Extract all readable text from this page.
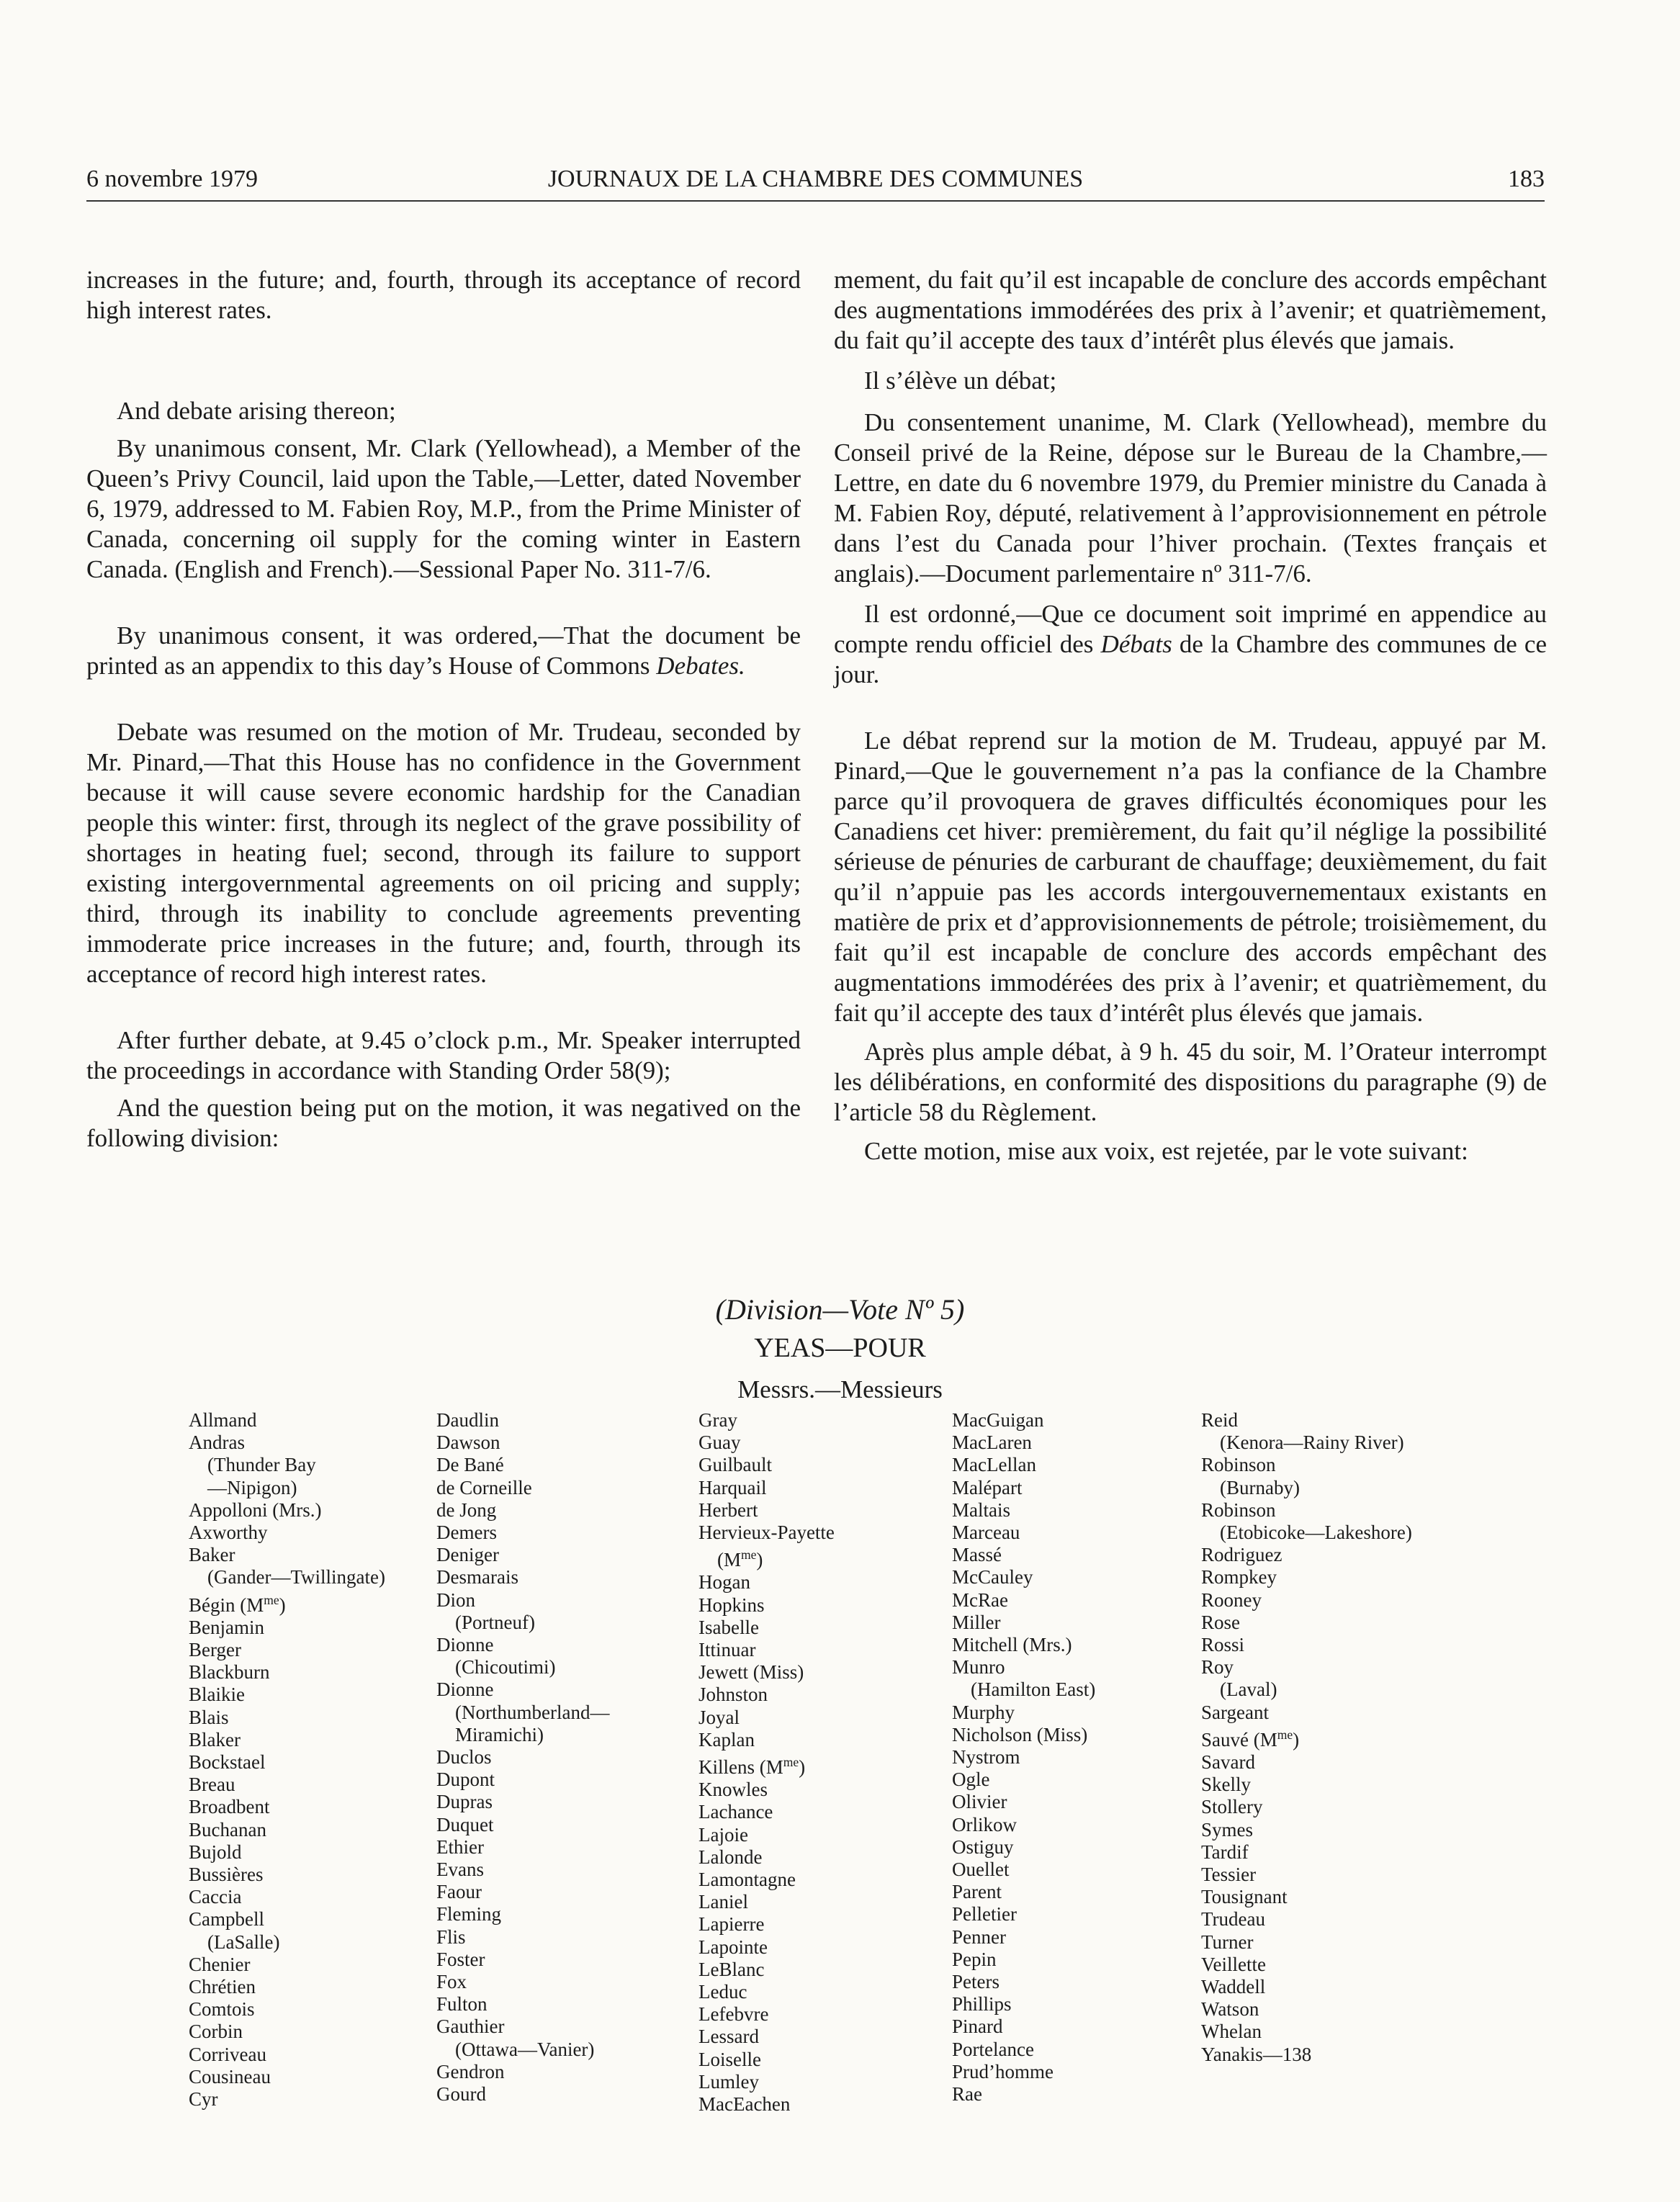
6 novembre 1979	JOURNAUX DE LA CHAMBRE DES COMMUNES	183

increases in the future; and, fourth, through its acceptance of record high interest rates.

And debate arising thereon;

By unanimous consent, Mr. Clark (Yellowhead), a Member of the Queen’s Privy Council, laid upon the Table,—Letter, dated November 6, 1979, addressed to M. Fabien Roy, M.P., from the Prime Minister of Canada, concerning oil supply for the coming winter in Eastern Canada. (English and French).—Sessional Paper No. 311-7/6.

By unanimous consent, it was ordered,—That the document be printed as an appendix to this day’s House of Commons Debates.

Debate was resumed on the motion of Mr. Trudeau, seconded by Mr. Pinard,—That this House has no confidence in the Government because it will cause severe economic hardship for the Canadian people this winter: first, through its neglect of the grave possibility of shortages in heating fuel; second, through its failure to support existing intergovernmental agreements on oil pricing and supply; third, through its inability to conclude agreements preventing immoderate price increases in the future; and, fourth, through its acceptance of record high interest rates.

After further debate, at 9.45 o’clock p.m., Mr. Speaker interrupted the proceedings in accordance with Standing Order 58(9);

And the question being put on the motion, it was negatived on the following division:

mement, du fait qu’il est incapable de conclure des accords empêchant des augmentations immodérées des prix à l’avenir; et quatrièmement, du fait qu’il accepte des taux d’intérêt plus élevés que jamais.

Il s’élève un débat;

Du consentement unanime, M. Clark (Yellowhead), membre du Conseil privé de la Reine, dépose sur le Bureau de la Chambre,—Lettre, en date du 6 novembre 1979, du Premier ministre du Canada à M. Fabien Roy, député, relativement à l’approvisionnement en pétrole dans l’est du Canada pour l’hiver prochain. (Textes français et anglais).—Document parlementaire nº 311-7/6.

Il est ordonné,—Que ce document soit imprimé en appendice au compte rendu officiel des Débats de la Chambre des communes de ce jour.

Le débat reprend sur la motion de M. Trudeau, appuyé par M. Pinard,—Que le gouvernement n’a pas la confiance de la Chambre parce qu’il provoquera de graves difficultés économiques pour les Canadiens cet hiver: premièrement, du fait qu’il néglige la possibilité sérieuse de pénuries de carburant de chauffage; deuxièmement, du fait qu’il n’appuie pas les accords intergouvernementaux existants en matière de prix et d’approvisionnements de pétrole; troisièmement, du fait qu’il est incapable de conclure des accords empêchant des augmentations immodérées des prix à l’avenir; et quatrièmement, du fait qu’il accepte des taux d’intérêt plus élevés que jamais.

Après plus ample débat, à 9 h. 45 du soir, M. l’Orateur interrompt les délibérations, en conformité des dispositions du paragraphe (9) de l’article 58 du Règlement.

Cette motion, mise aux voix, est rejetée, par le vote suivant:

(Division—Vote Nº 5)
YEAS—POUR
Messrs.—Messieurs
Allmand
Andras
(Thunder Bay
—Nipigon)
Appolloni (Mrs.)
Axworthy
Baker
(Gander—Twillingate)
Bégin $(M^{me})$
Benjamin
Berger
Blackburn
Blaikie
Blais
Blaker
Bockstael
Breau
Broadbent
Buchanan
Bujold
Bussières
Caccia
Campbell
(LaSalle)
Chenier
Chrétien
Comtois
Corbin
Corriveau
Cousineau
Cyr
Daudlin
Dawson
De Bané
de Corneille
de Jong
Demers
Deniger
Desmarais
Dion
(Portneuf)
Dionne
(Chicoutimi)
Dionne
(Northumberland—
Miramichi)
Duclos
Dupont
Dupras
Duquet
Ethier
Evans
Faour
Fleming
Flis
Foster
Fox
Fulton
Gauthier
(Ottawa—Vanier)
Gendron
Gourd
Gray
Guay
Guilbault
Harquail
Herbert
Hervieux-Payette
$(M^{me})$
Hogan
Hopkins
Isabelle
Ittinuar
Jewett (Miss)
Johnston
Joyal
Kaplan
Killens $(M^{me})$
Knowles
Lachance
Lajoie
Lalonde
Lamontagne
Laniel
Lapierre
Lapointe
LeBlanc
Leduc
Lefebvre
Lessard
Loiselle
Lumley
MacEachen
MacGuigan
MacLaren
MacLellan
Malépart
Maltais
Marceau
Massé
McCauley
McRae
Miller
Mitchell (Mrs.)
Munro
(Hamilton East)
Murphy
Nicholson (Miss)
Nystrom
Ogle
Olivier
Orlikow
Ostiguy
Ouellet
Parent
Pelletier
Penner
Pepin
Peters
Phillips
Pinard
Portelance
Prud’homme
Rae
Reid
(Kenora—Rainy River)
Robinson
(Burnaby)
Robinson
(Etobicoke—Lakeshore)
Rodriguez
Rompkey
Rooney
Rose
Rossi
Roy
(Laval)
Sargeant
Sauvé $(M^{me})$
Savard
Skelly
Stollery
Symes
Tardif
Tessier
Tousignant
Trudeau
Turner
Veillette
Waddell
Watson
Whelan
Yanakis—138
